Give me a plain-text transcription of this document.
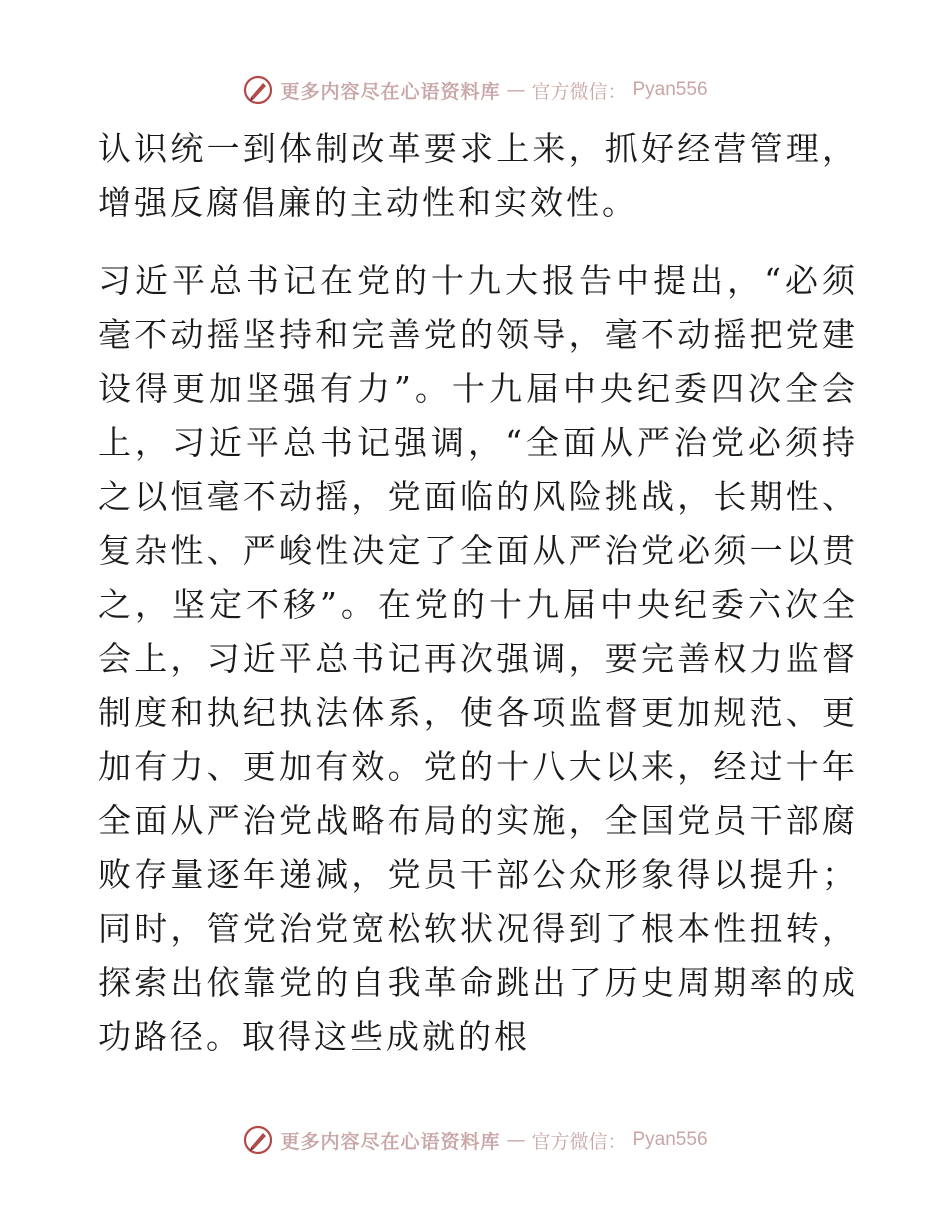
更多内容尽在心语资料库 — 官方微信： Pyan556

认识统一到体制改革要求上来，抓好经营管理，增强反腐倡廉的主动性和实效性。

习近平总书记在党的十九大报告中提出，“必须毫不动摇坚持和完善党的领导，毫不动摇把党建设得更加坚强有力”。十九届中央纪委四次全会上，习近平总书记强调，“全面从严治党必须持之以恒毫不动摇，党面临的风险挑战，长期性、复杂性、严峻性决定了全面从严治党必须一以贯之，坚定不移”。在党的十九届中央纪委六次全会上，习近平总书记再次强调，要完善权力监督制度和执纪执法体系，使各项监督更加规范、更加有力、更加有效。党的十八大以来，经过十年全面从严治党战略布局的实施，全国党员干部腐败存量逐年递减，党员干部公众形象得以提升；同时，管党治党宽松软状况得到了根本性扭转，探索出依靠党的自我革命跳出了历史周期率的成功路径。取得这些成就的根

更多内容尽在心语资料库 — 官方微信： Pyan556
